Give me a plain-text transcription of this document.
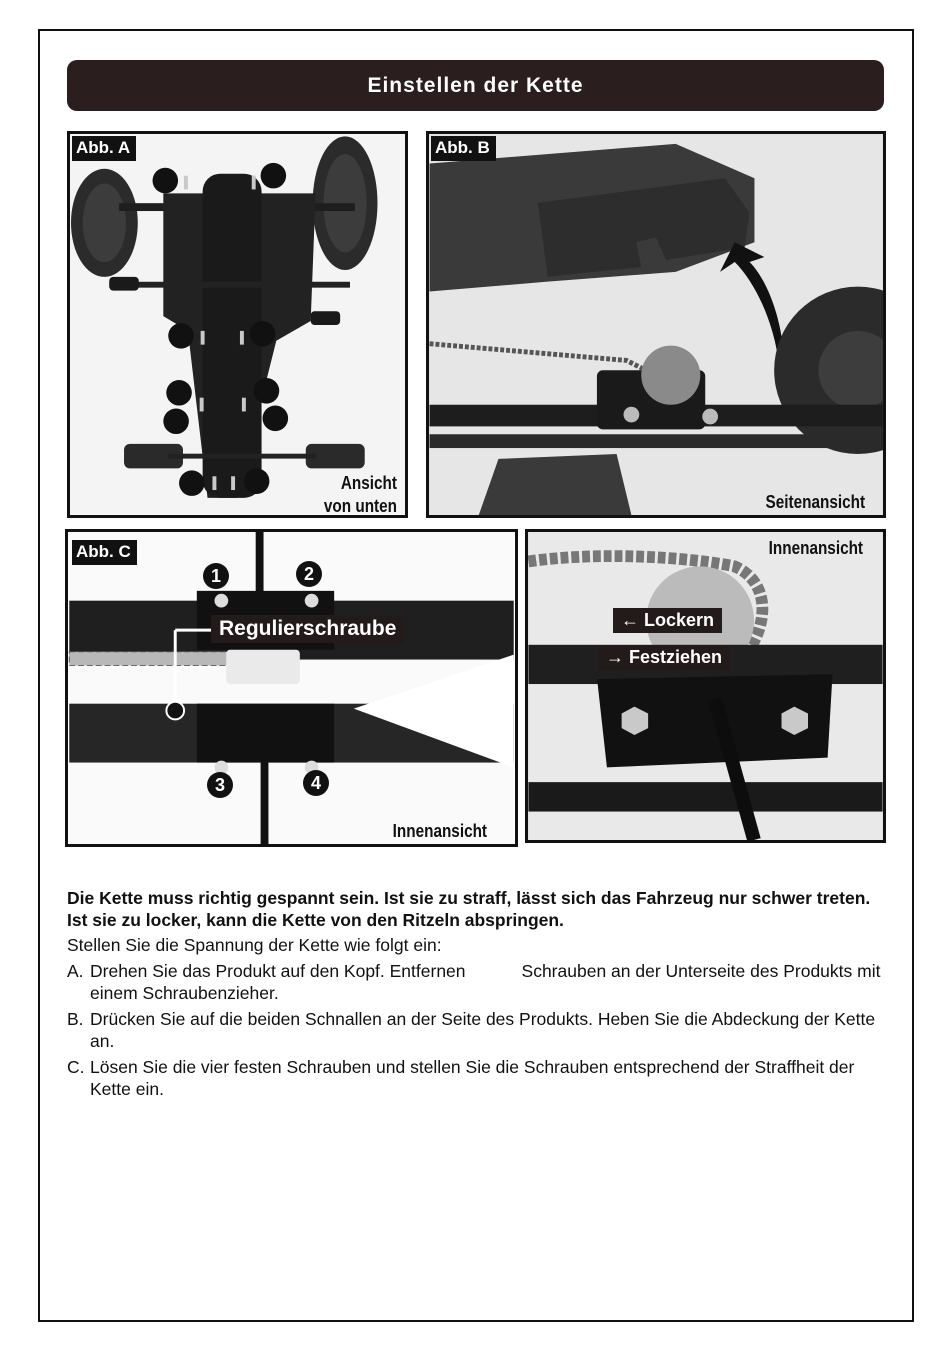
Einstellen der Kette
Abb. A
Ansicht
von unten
Abb. B
Seitenansicht
Abb. C
1	2
3	4
Regulierschraube
Innenansicht
Innenansicht
← Lockern
→ Festziehen

Die Kette muss richtig gespannt sein. Ist sie zu straff, lässt sich das Fahrzeug nur schwer treten. Ist sie zu locker, kann die Kette von den Ritzeln abspringen.

Stellen Sie die Spannung der Kette wie folgt ein:

A. Drehen Sie das Produkt auf den Kopf. Entfernen	Schrauben an der Unterseite des Produkts mit einem Schraubenzieher.
B. Drücken Sie auf die beiden Schnallen an der Seite des Produkts. Heben Sie die Abdeckung der Kette an.
C. Lösen Sie die vier festen Schrauben und stellen Sie die Schrauben entsprechend der Straffheit der Kette ein.
